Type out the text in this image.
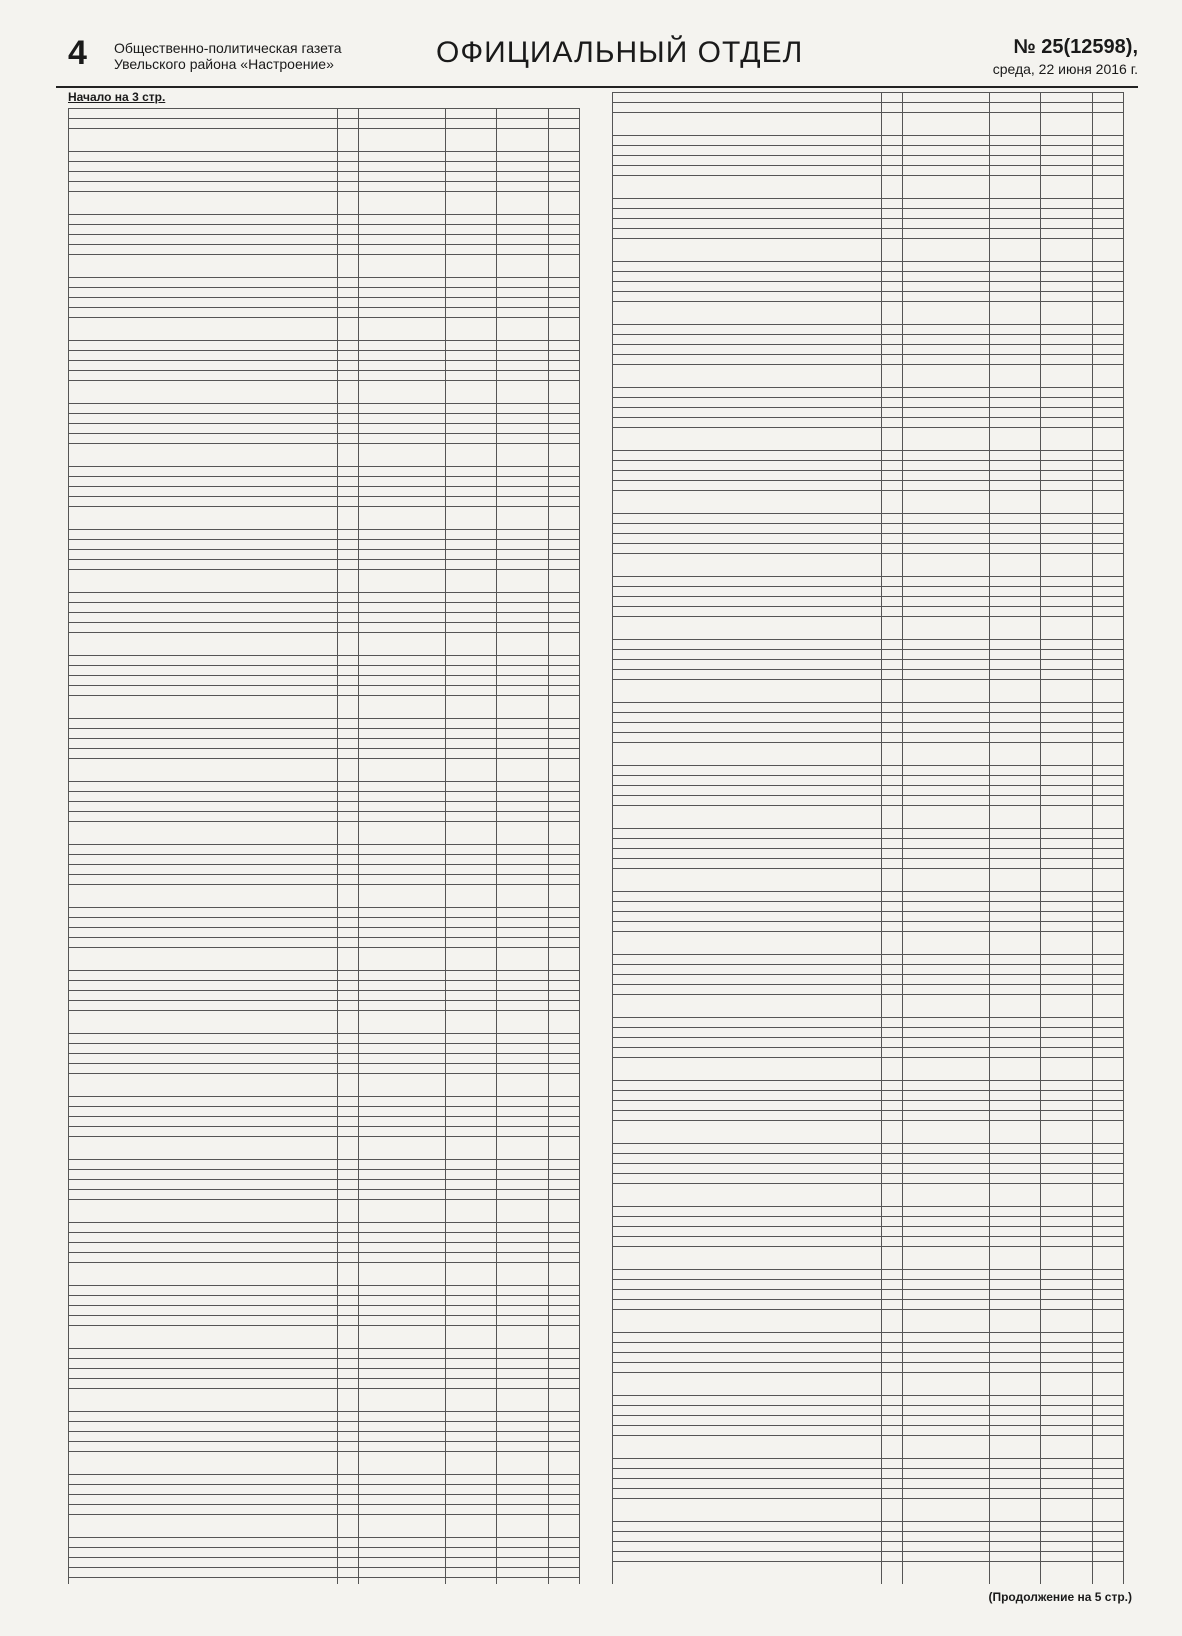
4 Общественно-политическая газета
Увельского района «Настроение»	ОФИЦИАЛЬНЫЙ ОТДЕЛ	№ 25(12598),
среда, 22 июня 2016 г.
Начало на 3 стр.

(Продолжение на 5 стр.)
